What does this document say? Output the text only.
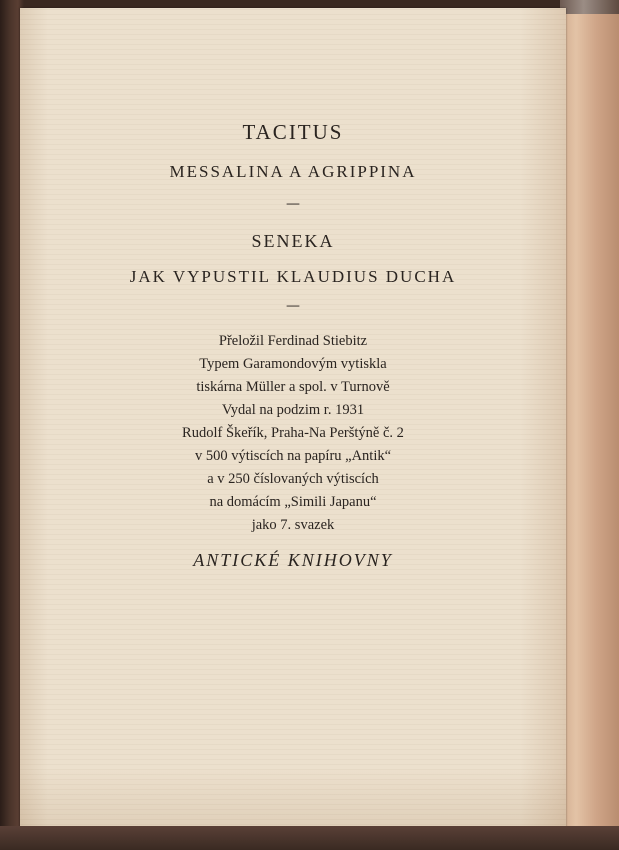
TACITUS
MESSALINA A AGRIPPINA
—
SENEKA
JAK VYPUSTIL KLAUDIUS DUCHA
—
Přeložil Ferdinad Stiebitz
Typem Garamondovým vytiskla
tiskárna Müller a spol. v Turnově
Vydal na podzim r. 1931
Rudolf Škeřík, Praha-Na Perštýně č. 2
v 500 výtiscích na papíru „Antik“
a v 250 číslovaných výtiscích
na domácím „Simili Japanu“
jako 7. svazek
ANTICKÉ KNIHOVNY
